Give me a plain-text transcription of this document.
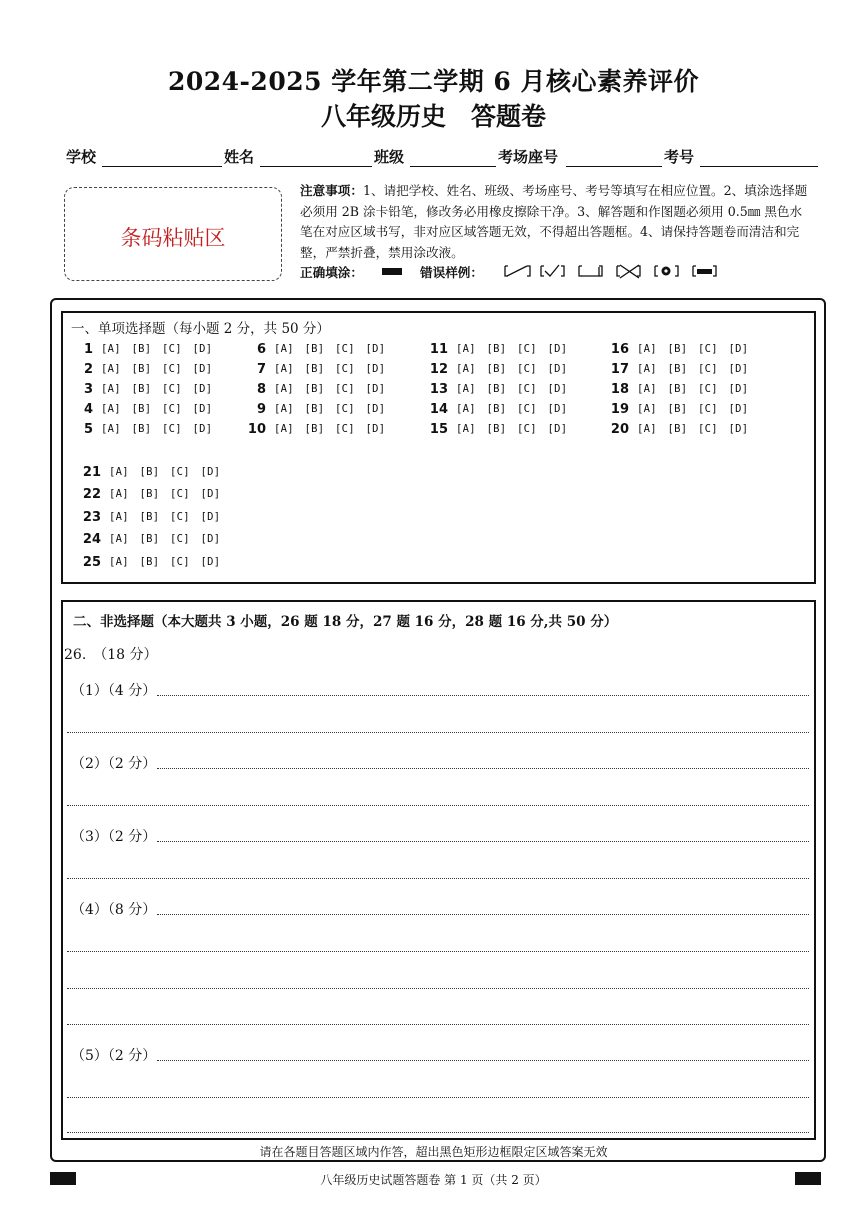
2024-2025 学年第二学期 6 月核心素养评价
八年级历史　答题卷
学校	姓名	班级	考场座号	考号
条码粘贴区
注意事项：1、请把学校、姓名、班级、考场座号、考号等填写在相应位置。2、填涂选择题必须用 2B 涂卡铅笔，修改务必用橡皮擦除干净。3、解答题和作图题必须用 0.5㎜ 黑色水笔在对应区域书写，非对应区域答题无效，不得超出答题框。4、请保持答题卷而清洁和完整，严禁折叠，禁用涂改液。
正确填涂：	错误样例：
一、单项选择题（每小题 2 分，共 50 分）
1 [A] [B] [C] [D]
2 [A] [B] [C] [D]
3 [A] [B] [C] [D]
4 [A] [B] [C] [D]
5 [A] [B] [C] [D]
6 [A] [B] [C] [D]
7 [A] [B] [C] [D]
8 [A] [B] [C] [D]
9 [A] [B] [C] [D]
10 [A] [B] [C] [D]
11 [A] [B] [C] [D]
12 [A] [B] [C] [D]
13 [A] [B] [C] [D]
14 [A] [B] [C] [D]
15 [A] [B] [C] [D]
16 [A] [B] [C] [D]
17 [A] [B] [C] [D]
18 [A] [B] [C] [D]
19 [A] [B] [C] [D]
20 [A] [B] [C] [D]
21 [A] [B] [C] [D]
22 [A] [B] [C] [D]
23 [A] [B] [C] [D]
24 [A] [B] [C] [D]
25 [A] [B] [C] [D]
二、非选择题（本大题共 3 小题，26 题 18 分，27 题 16 分，28 题 16 分,共 50 分）
26.　（18 分）
（1）（4 分）
（2）（2 分）
（3）（2 分）
（4）（8 分）
（5）（2 分）
请在各题目答题区域内作答，超出黑色矩形边框限定区域答案无效
八年级历史试题答题卷 第 1 页（共 2 页）
